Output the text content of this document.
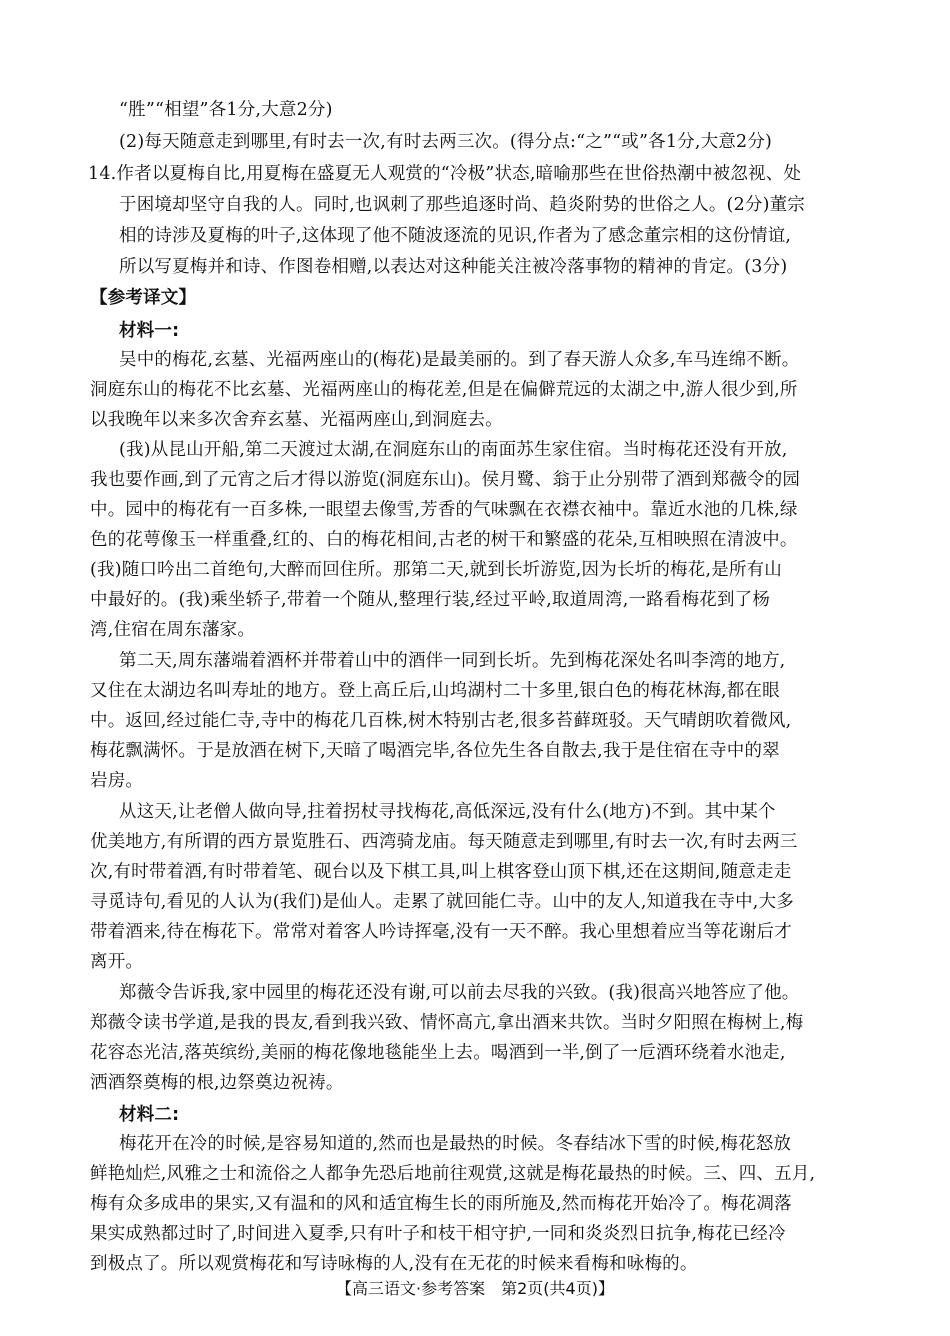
“胜”“相望”各1分,大意2分)
(2)每天随意走到哪里,有时去一次,有时去两三次。(得分点:“之”“或”各1分,大意2分)
14.作者以夏梅自比,用夏梅在盛夏无人观赏的“冷极”状态,暗喻那些在世俗热潮中被忽视、处
于困境却坚守自我的人。同时,也讽刺了那些追逐时尚、趋炎附势的世俗之人。(2分)董宗
相的诗涉及夏梅的叶子,这体现了他不随波逐流的见识,作者为了感念董宗相的这份情谊,
所以写夏梅并和诗、作图卷相赠,以表达对这种能关注被冷落事物的精神的肯定。(3分)
【参考译文】
材料一:
吴中的梅花,玄墓、光福两座山的(梅花)是最美丽的。到了春天游人众多,车马连绵不断。
洞庭东山的梅花不比玄墓、光福两座山的梅花差,但是在偏僻荒远的太湖之中,游人很少到,所
以我晚年以来多次舍弃玄墓、光福两座山,到洞庭去。
(我)从昆山开船,第二天渡过太湖,在洞庭东山的南面苏生家住宿。当时梅花还没有开放,
我也要作画,到了元宵之后才得以游览(洞庭东山)。侯月鹭、翁于止分别带了酒到郑薇令的园
中。园中的梅花有一百多株,一眼望去像雪,芳香的气味飘在衣襟衣袖中。靠近水池的几株,绿
色的花萼像玉一样重叠,红的、白的梅花相间,古老的树干和繁盛的花朵,互相映照在清波中。
(我)随口吟出二首绝句,大醉而回住所。那第二天,就到长圻游览,因为长圻的梅花,是所有山
中最好的。(我)乘坐轿子,带着一个随从,整理行装,经过平岭,取道周湾,一路看梅花到了杨
湾,住宿在周东藩家。
第二天,周东藩端着酒杯并带着山中的酒伴一同到长圻。先到梅花深处名叫李湾的地方,
又住在太湖边名叫寿址的地方。登上高丘后,山坞湖村二十多里,银白色的梅花林海,都在眼
中。返回,经过能仁寺,寺中的梅花几百株,树木特别古老,很多苔藓斑驳。天气晴朗吹着微风,
梅花飘满怀。于是放酒在树下,天暗了喝酒完毕,各位先生各自散去,我于是住宿在寺中的翠
岩房。
从这天,让老僧人做向导,拄着拐杖寻找梅花,高低深远,没有什么(地方)不到。其中某个
优美地方,有所谓的西方景览胜石、西湾骑龙庙。每天随意走到哪里,有时去一次,有时去两三
次,有时带着酒,有时带着笔、砚台以及下棋工具,叫上棋客登山顶下棋,还在这期间,随意走走
寻觅诗句,看见的人认为(我们)是仙人。走累了就回能仁寺。山中的友人,知道我在寺中,大多
带着酒来,待在梅花下。常常对着客人吟诗挥毫,没有一天不醉。我心里想着应当等花谢后才
离开。
郑薇令告诉我,家中园里的梅花还没有谢,可以前去尽我的兴致。(我)很高兴地答应了他。
郑薇令读书学道,是我的畏友,看到我兴致、情怀高亢,拿出酒来共饮。当时夕阳照在梅树上,梅
花容态光洁,落英缤纷,美丽的梅花像地毯能坐上去。喝酒到一半,倒了一卮酒环绕着水池走,
洒酒祭奠梅的根,边祭奠边祝祷。
材料二:
梅花开在冷的时候,是容易知道的,然而也是最热的时候。冬春结冰下雪的时候,梅花怒放
鲜艳灿烂,风雅之士和流俗之人都争先恐后地前往观赏,这就是梅花最热的时候。三、四、五月,
梅有众多成串的果实,又有温和的风和适宜梅生长的雨所施及,然而梅花开始冷了。梅花凋落
果实成熟都过时了,时间进入夏季,只有叶子和枝干相守护,一同和炎炎烈日抗争,梅花已经冷
到极点了。所以观赏梅花和写诗咏梅的人,没有在无花的时候来看梅和咏梅的。
【高三语文·参考答案　第2页(共4页)】
